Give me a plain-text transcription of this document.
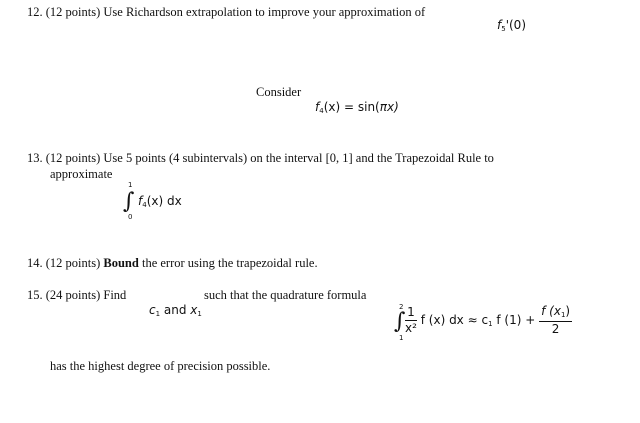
12. (12 points) Use Richardson extrapolation to improve your approximation of
$f_5'(0)$
Consider
$f_4(x) = \sin(\pi x)$
13. (12 points) Use 5 points (4 subintervals) on the interval [0, 1] and the Trapezoidal Rule to
approximate
1
∫
0
$f_4(x)$ dx
14. (12 points) Bound the error using the trapezoidal rule.
15. (24 points) Find	such that the quadrature formula
$c_1$ and $x_1$
2
∫
1
$\frac{1}{\text{x²}}$ f (x) dx ≈ $c_1$ f $(1) + \frac{f (x_1)}{2}$
has the highest degree of precision possible.
